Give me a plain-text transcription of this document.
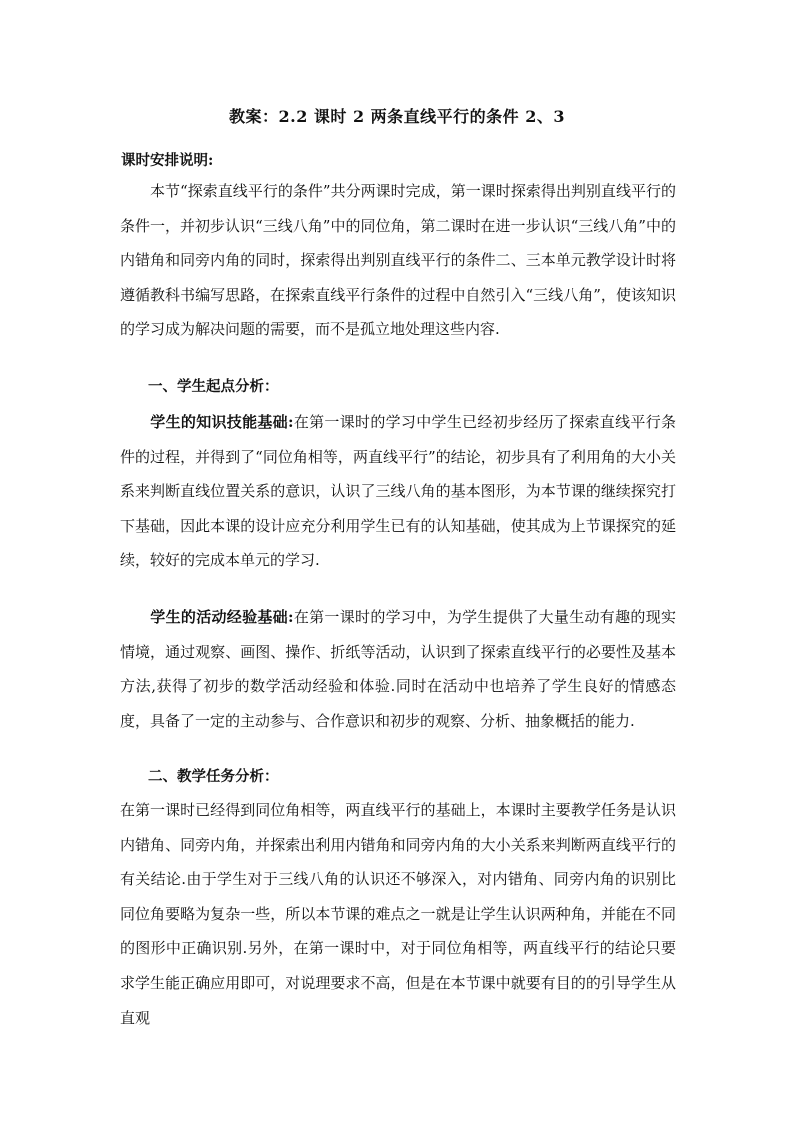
教案：2.2 课时 2 两条直线平行的条件 2、3
课时安排说明:
本节“探索直线平行的条件”共分两课时完成，第一课时探索得出判别直线平行的条件一，并初步认识“三线八角”中的同位角，第二课时在进一步认识“三线八角”中的内错角和同旁内角的同时，探索得出判别直线平行的条件二、三本单元教学设计时将遵循教科书编写思路，在探索直线平行条件的过程中自然引入“三线八角”，使该知识的学习成为解决问题的需要，而不是孤立地处理这些内容.
一、学生起点分析：
学生的知识技能基础:在第一课时的学习中学生已经初步经历了探索直线平行条件的过程，并得到了“同位角相等，两直线平行”的结论，初步具有了利用角的大小关系来判断直线位置关系的意识，认识了三线八角的基本图形，为本节课的继续探究打下基础，因此本课的设计应充分利用学生已有的认知基础，使其成为上节课探究的延续，较好的完成本单元的学习.
学生的活动经验基础:在第一课时的学习中，为学生提供了大量生动有趣的现实情境，通过观察、画图、操作、折纸等活动，认识到了探索直线平行的必要性及基本方法,获得了初步的数学活动经验和体验.同时在活动中也培养了学生良好的情感态度，具备了一定的主动参与、合作意识和初步的观察、分析、抽象概括的能力.
二、教学任务分析：
在第一课时已经得到同位角相等，两直线平行的基础上，本课时主要教学任务是认识内错角、同旁内角，并探索出利用内错角和同旁内角的大小关系来判断两直线平行的有关结论.由于学生对于三线八角的认识还不够深入，对内错角、同旁内角的识别比同位角要略为复杂一些，所以本节课的难点之一就是让学生认识两种角，并能在不同的图形中正确识别.另外，在第一课时中，对于同位角相等，两直线平行的结论只要求学生能正确应用即可，对说理要求不高，但是在本节课中就要有目的的引导学生从直观
